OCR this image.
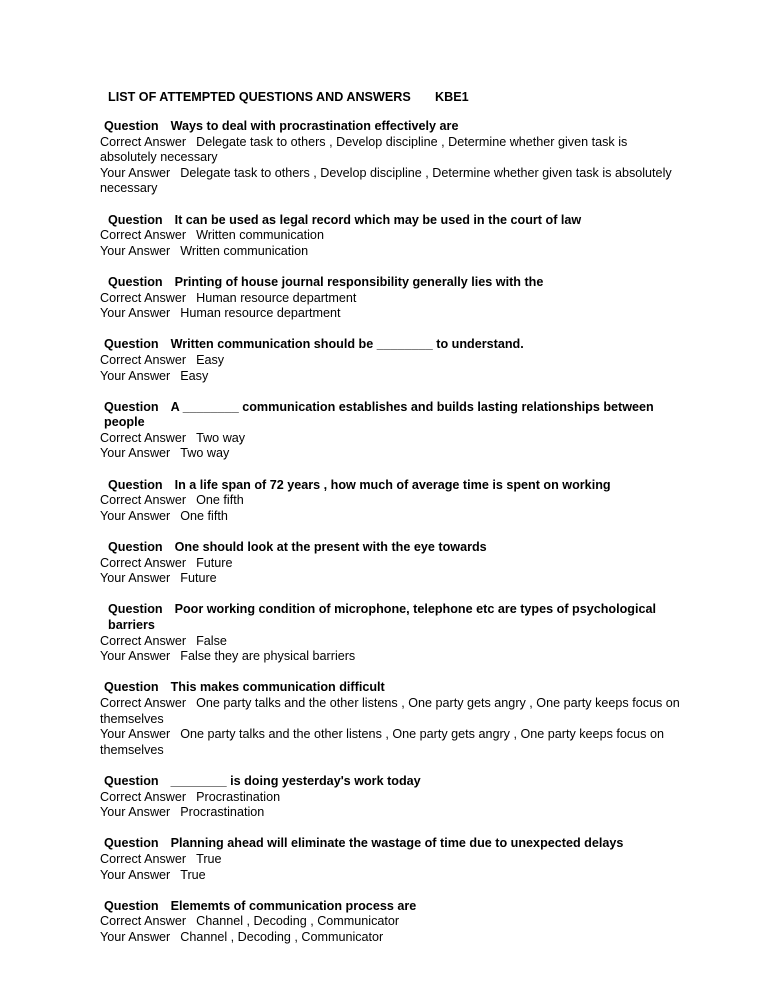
LIST OF ATTEMPTED QUESTIONS AND ANSWERS KBE1
Question Ways to deal with procrastination effectively are
Correct Answer Delegate task to others , Develop discipline , Determine whether given task is absolutely necessary
Your Answer Delegate task to others , Develop discipline , Determine whether given task is absolutely necessary
Question It can be used as legal record which may be used in the court of law
Correct Answer Written communication
Your Answer Written communication
Question Printing of house journal responsibility generally lies with the
Correct Answer Human resource department
Your Answer Human resource department
Question Written communication should be ________ to understand.
Correct Answer Easy
Your Answer Easy
Question A ________ communication establishes and builds lasting relationships between people
Correct Answer Two way
Your Answer Two way
Question In a life span of 72 years , how much of average time is spent on working
Correct Answer One fifth
Your Answer One fifth
Question One should look at the present with the eye towards
Correct Answer Future
Your Answer Future
Question Poor working condition of microphone, telephone etc are types of psychological barriers
Correct Answer False
Your Answer False they are physical barriers
Question This makes communication difficult
Correct Answer One party talks and the other listens , One party gets angry , One party keeps focus on themselves
Your Answer One party talks and the other listens , One party gets angry , One party keeps focus on themselves
Question ________ is doing yesterday's work today
Correct Answer Procrastination
Your Answer Procrastination
Question Planning ahead will eliminate the wastage of time due to unexpected delays
Correct Answer True
Your Answer True
Question Elememts of communication process are
Correct Answer Channel , Decoding , Communicator
Your Answer Channel , Decoding , Communicator
